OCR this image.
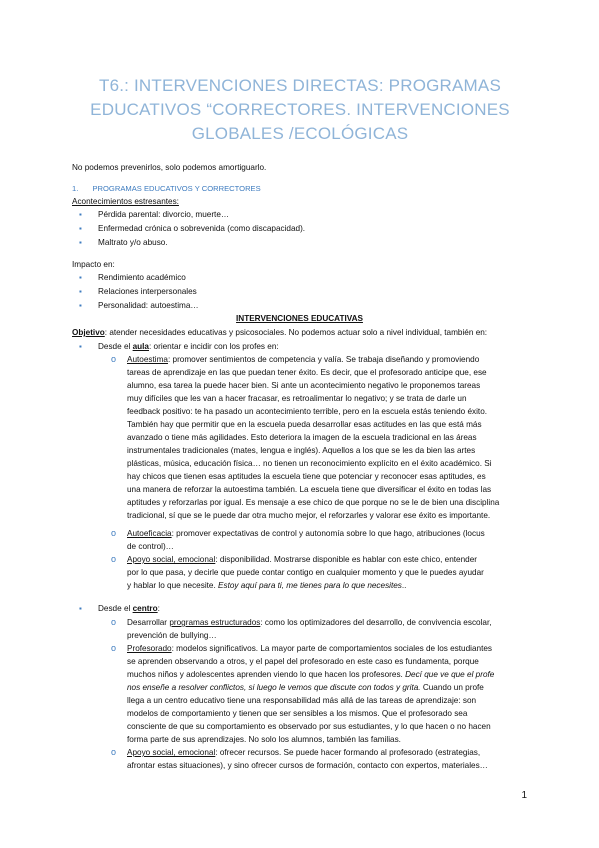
T6.: INTERVENCIONES DIRECTAS: PROGRAMAS
EDUCATIVOS “CORRECTORES. INTERVENCIONES
GLOBALES /ECOLÓGICAS
No podemos prevenirlos, solo podemos amortiguarlo.
1. PROGRAMAS EDUCATIVOS Y CORRECTORES
Acontecimientos estresantes:
▪ Pérdida parental: divorcio, muerte…
▪ Enfermedad crónica o sobrevenida (como discapacidad).
▪ Maltrato y/o abuso.
Impacto en:
▪ Rendimiento académico
▪ Relaciones interpersonales
▪ Personalidad: autoestima…
INTERVENCIONES EDUCATIVAS
Objetivo: atender necesidades educativas y psicosociales. No podemos actuar solo a nivel individual, también en:
▪ Desde el aula: orientar e incidir con los profes en:
o Autoestima: promover sentimientos de competencia y valía. Se trabaja diseñando y promoviendo
tareas de aprendizaje en las que puedan tener éxito. Es decir, que el profesorado anticipe que, ese
alumno, esa tarea la puede hacer bien. Si ante un acontecimiento negativo le proponemos tareas
muy difíciles que les van a hacer fracasar, es retroalimentar lo negativo; y se trata de darle un
feedback positivo: te ha pasado un acontecimiento terrible, pero en la escuela estás teniendo éxito.
También hay que permitir que en la escuela pueda desarrollar esas actitudes en las que está más
avanzado o tiene más agilidades. Esto deteriora la imagen de la escuela tradicional en las áreas
instrumentales tradicionales (mates, lengua e inglés). Aquellos a los que se les da bien las artes
plásticas, música, educación física… no tienen un reconocimiento explícito en el éxito académico. Si
hay chicos que tienen esas aptitudes la escuela tiene que potenciar y reconocer esas aptitudes, es
una manera de reforzar la autoestima también. La escuela tiene que diversificar el éxito en todas las
aptitudes y reforzarlas por igual. Es mensaje a ese chico de que porque no se le de bien una disciplina
tradicional, sí que se le puede dar otra mucho mejor, el reforzarles y valorar ese éxito es importante.
o Autoeficacia: promover expectativas de control y autonomía sobre lo que hago, atribuciones (locus
de control)…
o Apoyo social, emocional: disponibilidad. Mostrarse disponible es hablar con este chico, entender
por lo que pasa, y decirle que puede contar contigo en cualquier momento y que le puedes ayudar
y hablar lo que necesite. Estoy aquí para ti, me tienes para lo que necesites..
▪ Desde el centro:
o Desarrollar programas estructurados: como los optimizadores del desarrollo, de convivencia escolar,
prevención de bullying…
o Profesorado: modelos significativos. La mayor parte de comportamientos sociales de los estudiantes
se aprenden observando a otros, y el papel del profesorado en este caso es fundamenta, porque
muchos niños y adolescentes aprenden viendo lo que hacen los profesores. Decí que ve que el profe
nos enseñe a resolver conflictos, si luego le vemos que discute con todos y grita. Cuando un profe
llega a un centro educativo tiene una responsabilidad más allá de las tareas de aprendizaje: son
modelos de comportamiento y tienen que ser sensibles a los mismos. Que el profesorado sea
consciente de que su comportamiento es observado por sus estudiantes, y lo que hacen o no hacen
forma parte de sus aprendizajes. No solo los alumnos, también las familias.
o Apoyo social, emocional: ofrecer recursos. Se puede hacer formando al profesorado (estrategias,
afrontar estas situaciones), y sino ofrecer cursos de formación, contacto con expertos, materiales…
1
